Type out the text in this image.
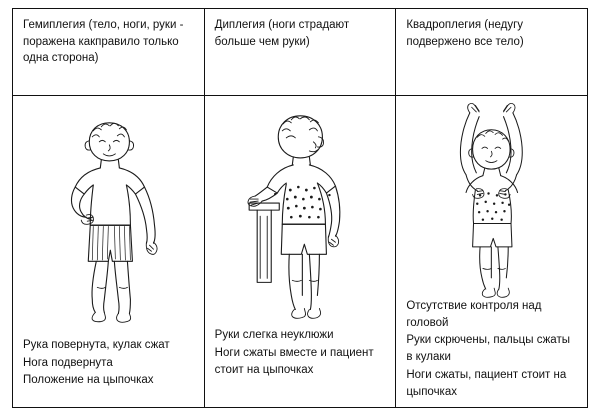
Гемиплегия (тело, ноги, руки - поражена какправило только одна сторона)
Рука повернута, кулак сжат
Нога подвернута
Положение на цыпочках
Диплегия (ноги страдают больше чем руки)
Руки слегка неуклюжи
Ноги сжаты вместе и пациент стоит на цыпочках
Квадроплегия (недугу подвержено все тело)
Отсутствие контроля над головой
Руки скрючены, пальцы сжаты в кулаки
Ноги сжаты, пациент стоит на цыпочках
